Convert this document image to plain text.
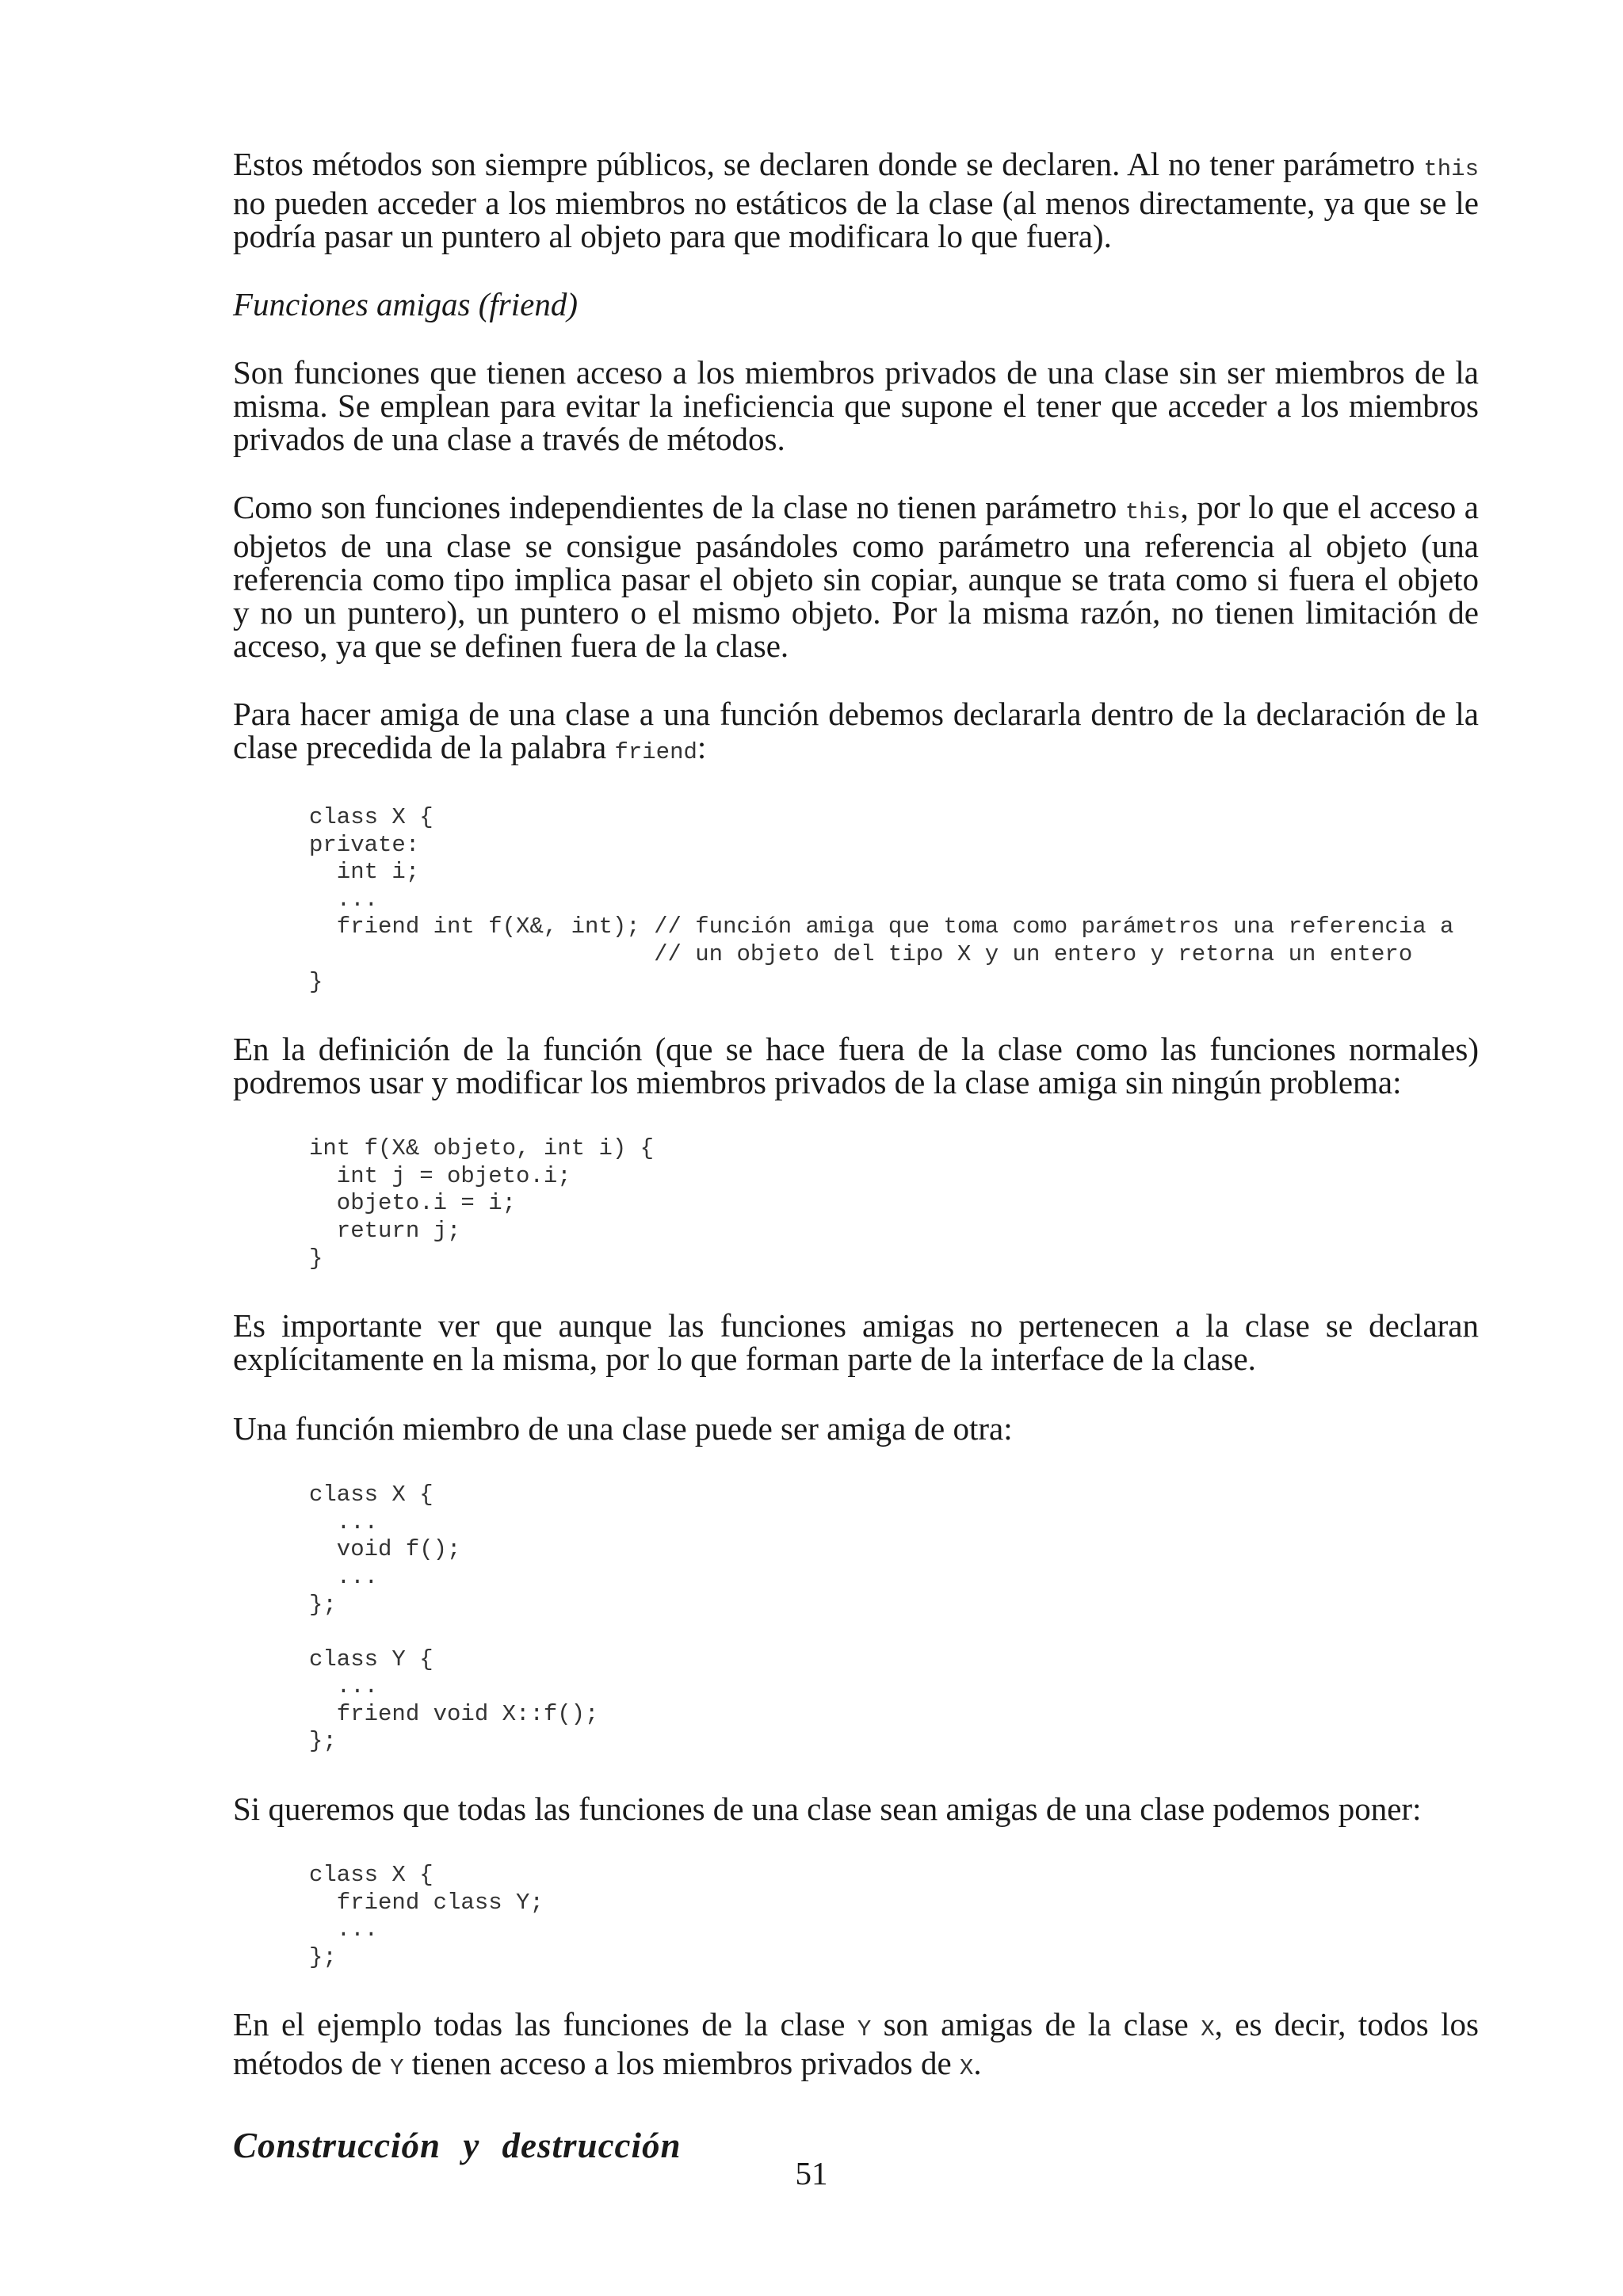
Estos métodos son siempre públicos, se declaren donde se declaren. Al no tener parámetro this no pueden acceder a los miembros no estáticos de la clase (al menos directamente, ya que se le podría pasar un puntero al objeto para que modificara lo que fuera).

Funciones amigas (friend)

Son funciones que tienen acceso a los miembros privados de una clase sin ser miembros de la misma. Se emplean para evitar la ineficiencia que supone el tener que acceder a los miembros privados de una clase a través de métodos.

Como son funciones independientes de la clase no tienen parámetro this, por lo que el acceso a objetos de una clase se consigue pasándoles como parámetro una referencia al objeto (una referencia como tipo implica pasar el objeto sin copiar, aunque se trata como si fuera el objeto y no un puntero), un puntero o el mismo objeto. Por la misma razón, no tienen limitación de acceso, ya que se definen fuera de la clase.

Para hacer amiga de una clase a una función debemos declararla dentro de la declaración de la clase precedida de la palabra friend:

class X {
private:
int i;
...
friend int f(X&, int); // función amiga que toma como parámetros una referencia a
// un objeto del tipo X y un entero y retorna un entero
}

En la definición de la función (que se hace fuera de la clase como las funciones normales) podremos usar y modificar los miembros privados de la clase amiga sin ningún problema:

int f(X& objeto, int i) {
int j = objeto.i;
objeto.i = i;
return j;
}

Es importante ver que aunque las funciones amigas no pertenecen a la clase se declaran explícitamente en la misma, por lo que forman parte de la interface de la clase.

Una función miembro de una clase puede ser amiga de otra:

class X {
...
void f();
...
};
class Y {
...
friend void X::f();
};

Si queremos que todas las funciones de una clase sean amigas de una clase podemos poner:

class X {
friend class Y;
...
};

En el ejemplo todas las funciones de la clase Y son amigas de la clase X, es decir, todos los métodos de Y tienen acceso a los miembros privados de X.

Construcción y destrucción
51
